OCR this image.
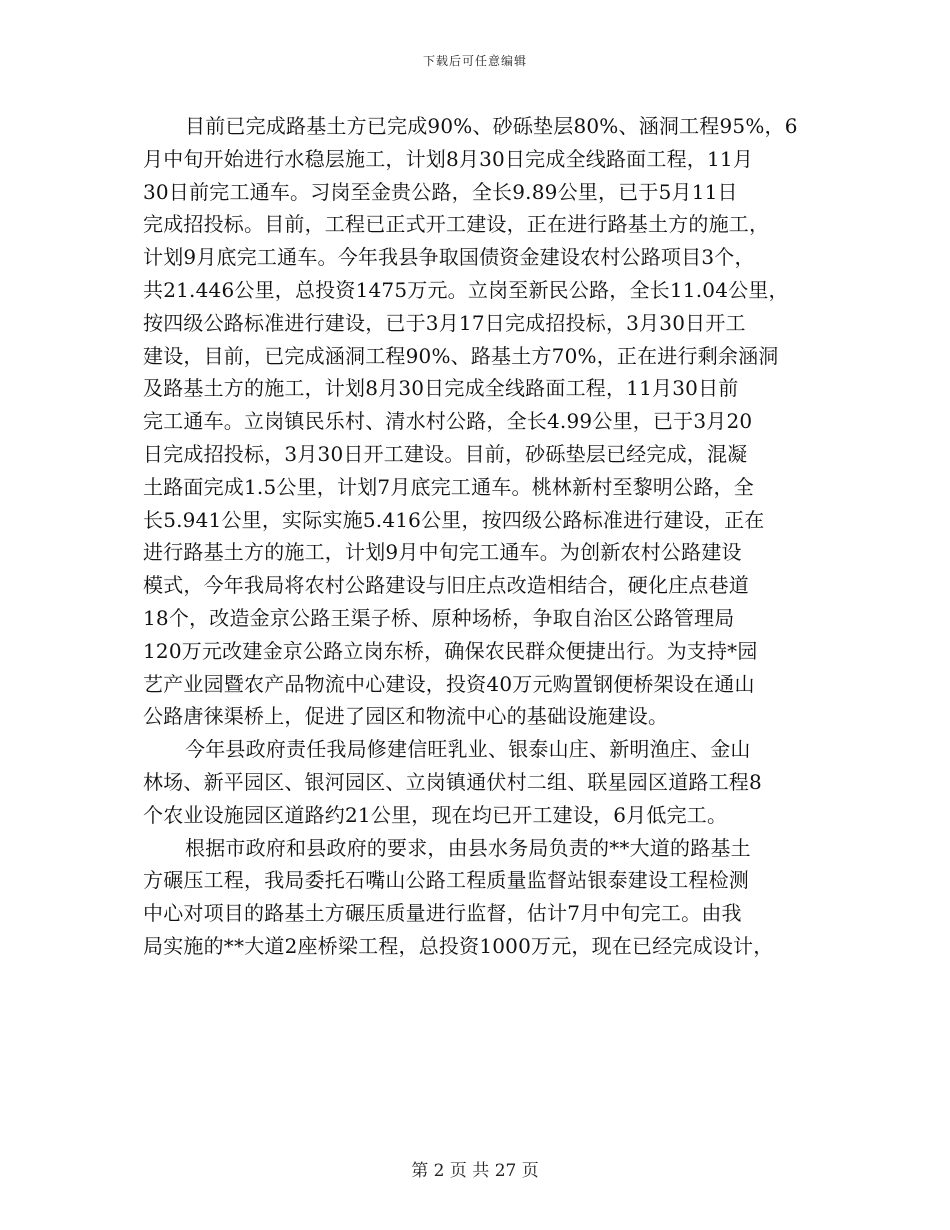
下载后可任意编辑
目前已完成路基土方已完成90%、砂砾垫层80%、涵洞工程95%，6
月中旬开始进行水稳层施工，计划8月30日完成全线路面工程，11月
30日前完工通车。习岗至金贵公路，全长9.89公里，已于5月11日
完成招投标。目前，工程已正式开工建设，正在进行路基土方的施工，
计划9月底完工通车。今年我县争取国债资金建设农村公路项目3个，
共21.446公里，总投资1475万元。立岗至新民公路，全长11.04公里，
按四级公路标准进行建设，已于3月17日完成招投标，3月30日开工
建设，目前，已完成涵洞工程90%、路基土方70%，正在进行剩余涵洞
及路基土方的施工，计划8月30日完成全线路面工程，11月30日前
完工通车。立岗镇民乐村、清水村公路，全长4.99公里，已于3月20
日完成招投标，3月30日开工建设。目前，砂砾垫层已经完成，混凝
土路面完成1.5公里，计划7月底完工通车。桃林新村至黎明公路，全
长5.941公里，实际实施5.416公里，按四级公路标准进行建设，正在
进行路基土方的施工，计划9月中旬完工通车。为创新农村公路建设
模式，今年我局将农村公路建设与旧庄点改造相结合，硬化庄点巷道
18个，改造金京公路王渠子桥、原种场桥，争取自治区公路管理局
120万元改建金京公路立岗东桥，确保农民群众便捷出行。为支持*园
艺产业园暨农产品物流中心建设，投资40万元购置钢便桥架设在通山
公路唐徕渠桥上，促进了园区和物流中心的基础设施建设。
今年县政府责任我局修建信旺乳业、银泰山庄、新明渔庄、金山
林场、新平园区、银河园区、立岗镇通伏村二组、联星园区道路工程8
个农业设施园区道路约21公里，现在均已开工建设，6月低完工。
根据市政府和县政府的要求，由县水务局负责的**大道的路基土
方碾压工程，我局委托石嘴山公路工程质量监督站银泰建设工程检测
中心对项目的路基土方碾压质量进行监督，估计7月中旬完工。由我
局实施的**大道2座桥梁工程，总投资1000万元，现在已经完成设计，
第 2 页 共 27 页
